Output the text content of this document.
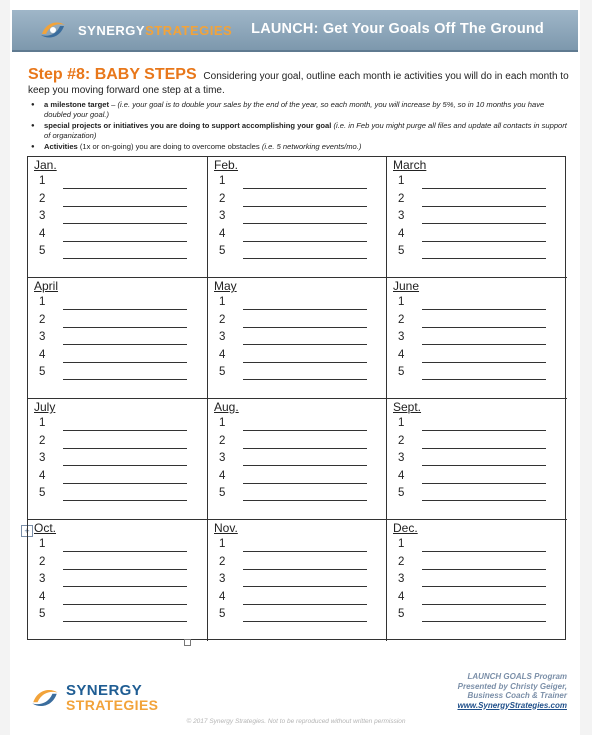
SYNERGYSTRATEGIES LAUNCH: Get Your Goals Off The Ground
Step #8: BABY STEPS Considering your goal, outline each month ie activities you will do in each month to keep you moving forward one step at a time.
● a milestone target – (i.e. your goal is to double your sales by the end of the year, so each month, you will increase by 5%, so in 10 months you have doubled your goal.)
● special projects or initiatives you are doing to support accomplishing your goal (i.e. in Feb you might purge all files and update all contacts in support of organization)
● Activities (1x or on-going) you are doing to overcome obstacles (i.e. 5 networking events/mo.)
+
Jan.
1
2
3
4
5
Feb.
1
2
3
4
5
March
1
2
3
4
5
April
1
2
3
4
5
May
1
2
3
4
5
June
1
2
3
4
5
July
1
2
3
4
5
Aug.
1
2
3
4
5
Sept.
1
2
3
4
5
Oct.
1
2
3
4
5
Nov.
1
2
3
4
5
Dec.
1
2
3
4
5
SYNERGY
STRATEGIES
LAUNCH GOALS Program
Presented by Christy Geiger,
Business Coach & Trainer
www.SynergyStrategies.com
© 2017 Synergy Strategies. Not to be reproduced without written permission
